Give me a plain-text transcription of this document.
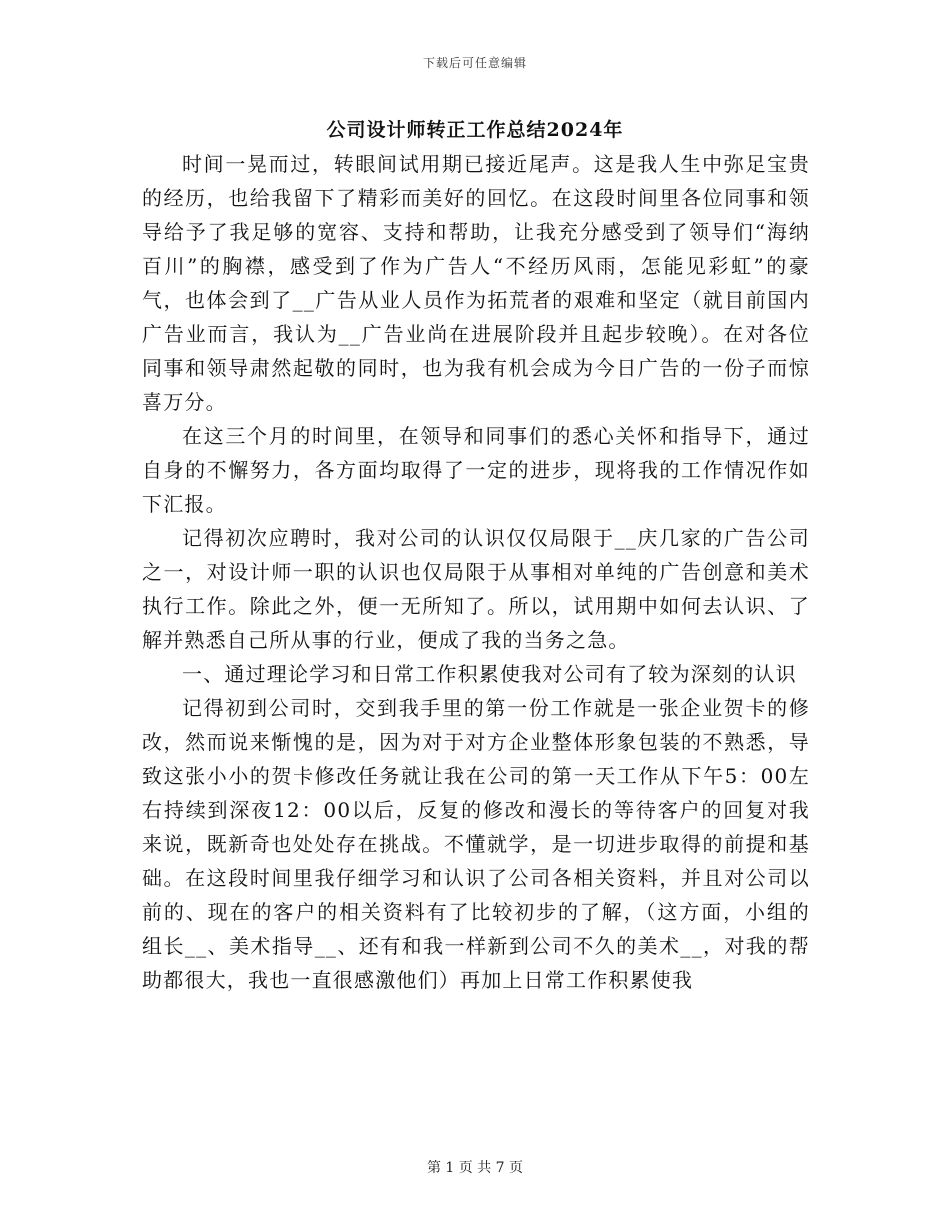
下载后可任意编辑
公司设计师转正工作总结2024年

时间一晃而过，转眼间试用期已接近尾声。这是我人生中弥足宝贵的经历，也给我留下了精彩而美好的回忆。在这段时间里各位同事和领导给予了我足够的宽容、支持和帮助，让我充分感受到了领导们“海纳百川”的胸襟，感受到了作为广告人“不经历风雨，怎能见彩虹”的豪气，也体会到了__广告从业人员作为拓荒者的艰难和坚定（就目前国内广告业而言，我认为__广告业尚在进展阶段并且起步较晚）。在对各位同事和领导肃然起敬的同时，也为我有机会成为今日广告的一份子而惊喜万分。

在这三个月的时间里，在领导和同事们的悉心关怀和指导下，通过自身的不懈努力，各方面均取得了一定的进步，现将我的工作情况作如下汇报。

记得初次应聘时，我对公司的认识仅仅局限于__庆几家的广告公司之一，对设计师一职的认识也仅局限于从事相对单纯的广告创意和美术执行工作。除此之外，便一无所知了。所以，试用期中如何去认识、了解并熟悉自己所从事的行业，便成了我的当务之急。

一、通过理论学习和日常工作积累使我对公司有了较为深刻的认识

记得初到公司时，交到我手里的第一份工作就是一张企业贺卡的修改，然而说来惭愧的是，因为对于对方企业整体形象包装的不熟悉，导致这张小小的贺卡修改任务就让我在公司的第一天工作从下午5：00左右持续到深夜12：00以后，反复的修改和漫长的等待客户的回复对我来说，既新奇也处处存在挑战。不懂就学，是一切进步取得的前提和基础。在这段时间里我仔细学习和认识了公司各相关资料，并且对公司以前的、现在的客户的相关资料有了比较初步的了解，（这方面，小组的组长__、美术指导__、还有和我一样新到公司不久的美术__，对我的帮助都很大，我也一直很感激他们）再加上日常工作积累使我

第 1 页 共 7 页
